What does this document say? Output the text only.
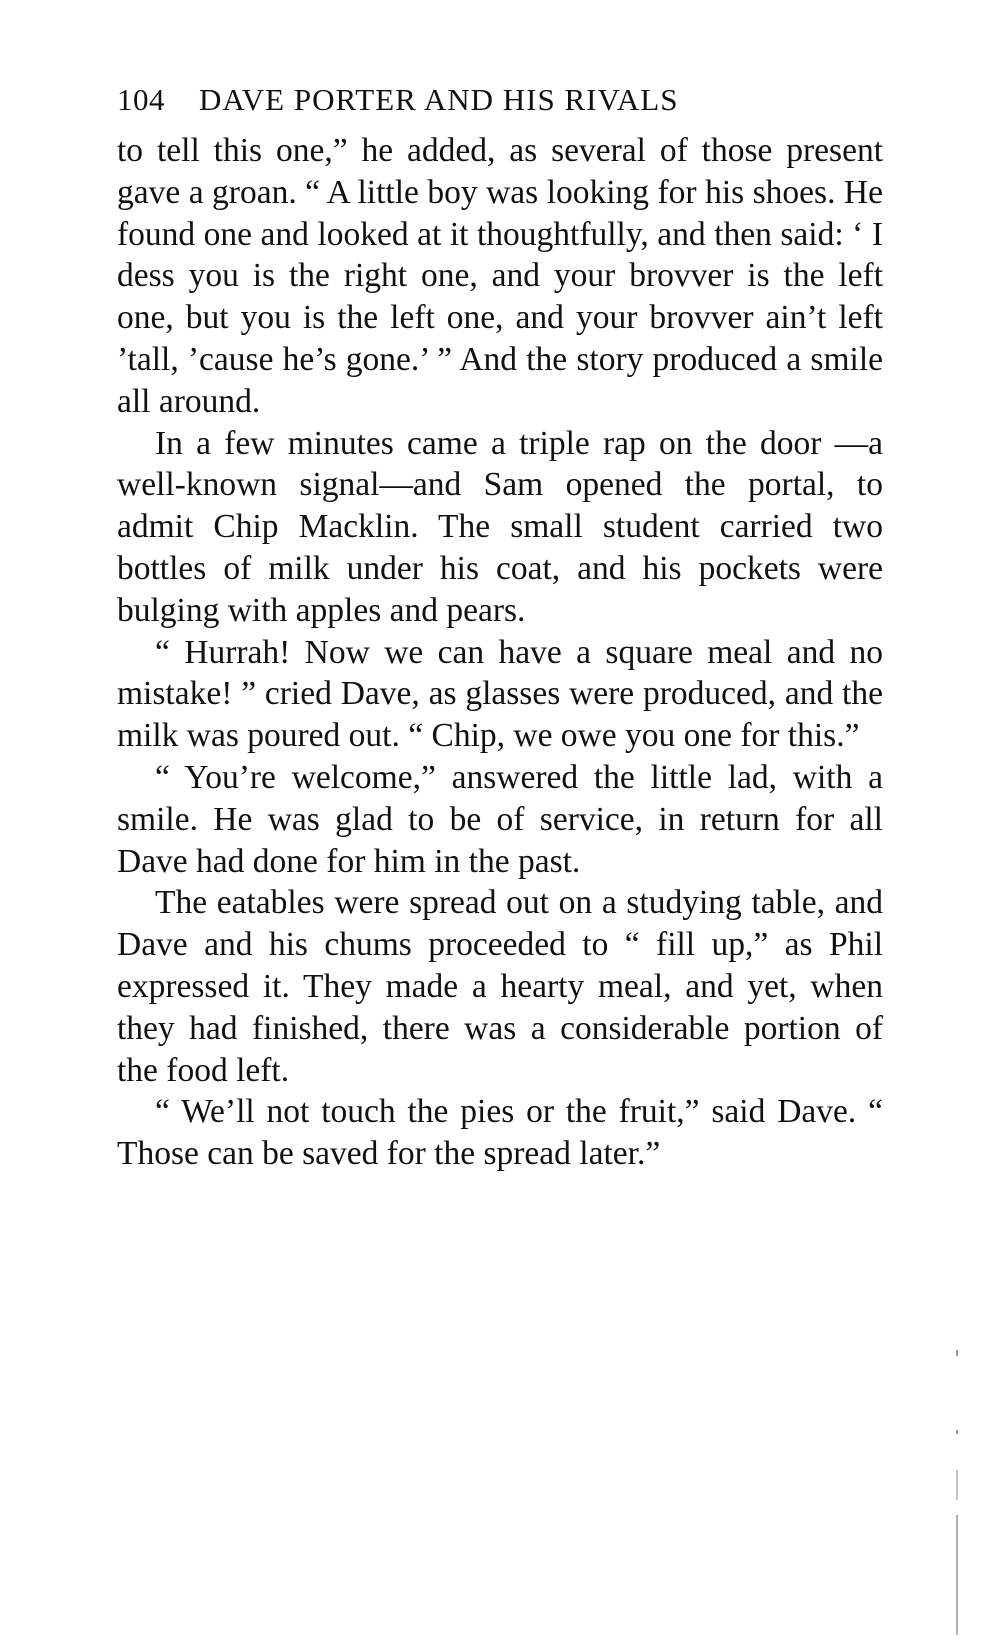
104 DAVE PORTER AND HIS RIVALS

to tell this one,” he added, as several of those present gave a groan. “ A little boy was looking for his shoes. He found one and looked at it thoughtfully, and then said: ‘ I dess you is the right one, and your brovver is the left one, but you is the left one, and your brovver ain’t left ’tall, ’cause he’s gone.’ ” And the story produced a smile all around.

In a few minutes came a triple rap on the door —a well-known signal—and Sam opened the portal, to admit Chip Macklin. The small student carried two bottles of milk under his coat, and his pockets were bulging with apples and pears.

“ Hurrah! Now we can have a square meal and no mistake! ” cried Dave, as glasses were produced, and the milk was poured out. “ Chip, we owe you one for this.”

“ You’re welcome,” answered the little lad, with a smile. He was glad to be of service, in return for all Dave had done for him in the past.

The eatables were spread out on a studying table, and Dave and his chums proceeded to “ fill up,” as Phil expressed it. They made a hearty meal, and yet, when they had finished, there was a considerable portion of the food left.

“ We’ll not touch the pies or the fruit,” said Dave. “ Those can be saved for the spread later.”
